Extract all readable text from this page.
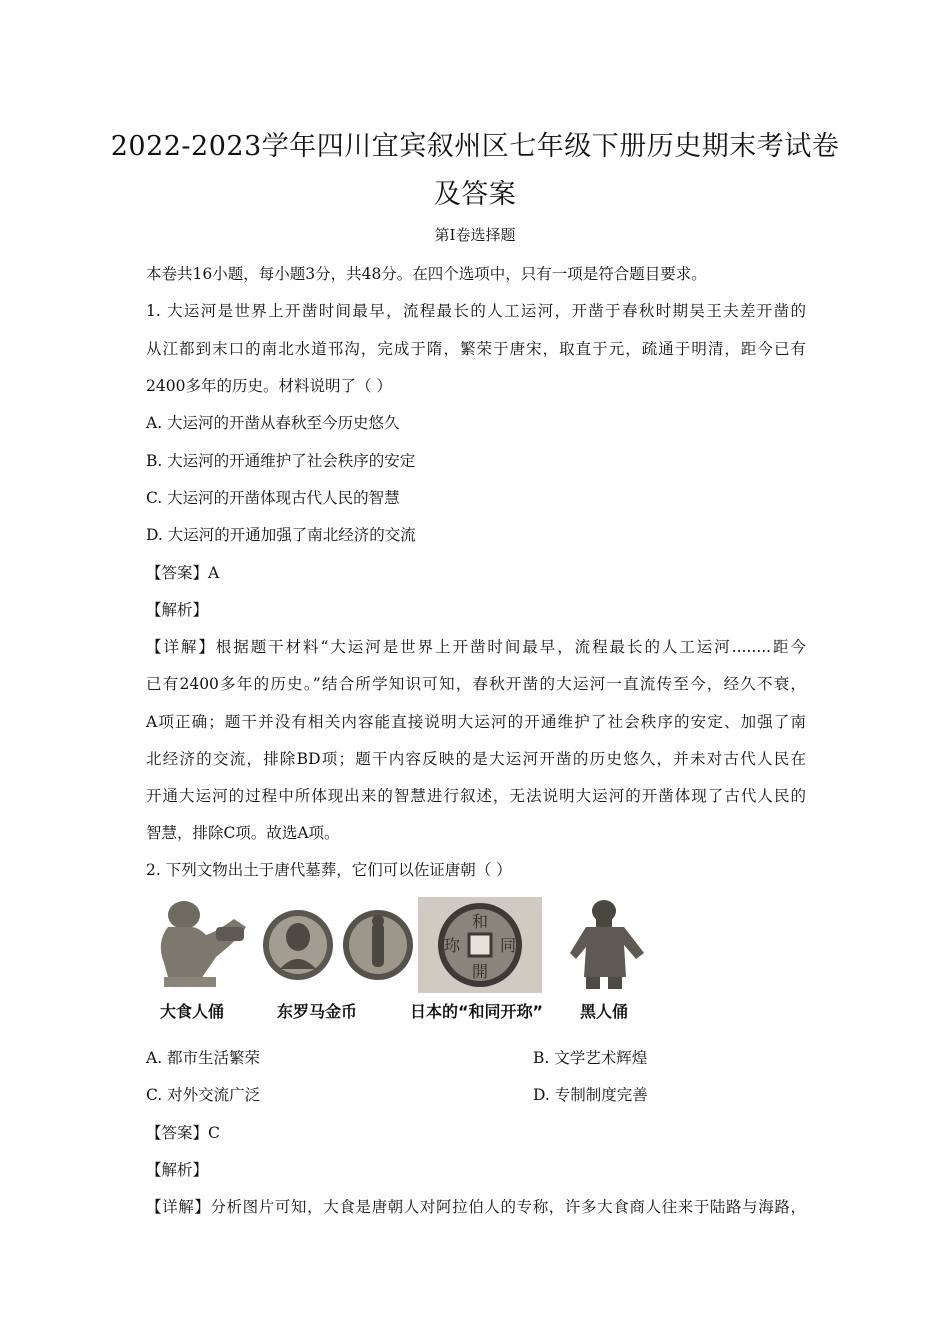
2022-2023学年四川宜宾叙州区七年级下册历史期末考试卷
及答案
第Ⅰ卷选择题
本卷共16小题，每小题3分，共48分。在四个选项中，只有一项是符合题目要求。
1. 大运河是世界上开凿时间最早，流程最长的人工运河，开凿于春秋时期吴王夫差开凿的
从江都到末口的南北水道邗沟，完成于隋，繁荣于唐宋，取直于元，疏通于明清，距今已有
2400多年的历史。材料说明了（ ）
A. 大运河的开凿从春秋至今历史悠久
B. 大运河的开通维护了社会秩序的安定
C. 大运河的开凿体现古代人民的智慧
D. 大运河的开通加强了南北经济的交流
【答案】A
【解析】
【详解】根据题干材料“大运河是世界上开凿时间最早，流程最长的人工运河........距今
已有2400多年的历史。”结合所学知识可知，春秋开凿的大运河一直流传至今，经久不衰，
A项正确；题干并没有相关内容能直接说明大运河的开通维护了社会秩序的安定、加强了南
北经济的交流，排除BD项；题干内容反映的是大运河开凿的历史悠久，并未对古代人民在
开通大运河的过程中所体现出来的智慧进行叙述，无法说明大运河的开凿体现了古代人民的
智慧，排除C项。故选A项。
2. 下列文物出土于唐代墓葬，它们可以佐证唐朝（ ）
和
同
開
珎
大食人俑	东罗马金币	日本的“和同开珎” 黑人俑
A. 都市生活繁荣	B. 文学艺术辉煌
C. 对外交流广泛	D. 专制制度完善
【答案】C
【解析】
【详解】分析图片可知，大食是唐朝人对阿拉伯人的专称，许多大食商人往来于陆路与海路，
